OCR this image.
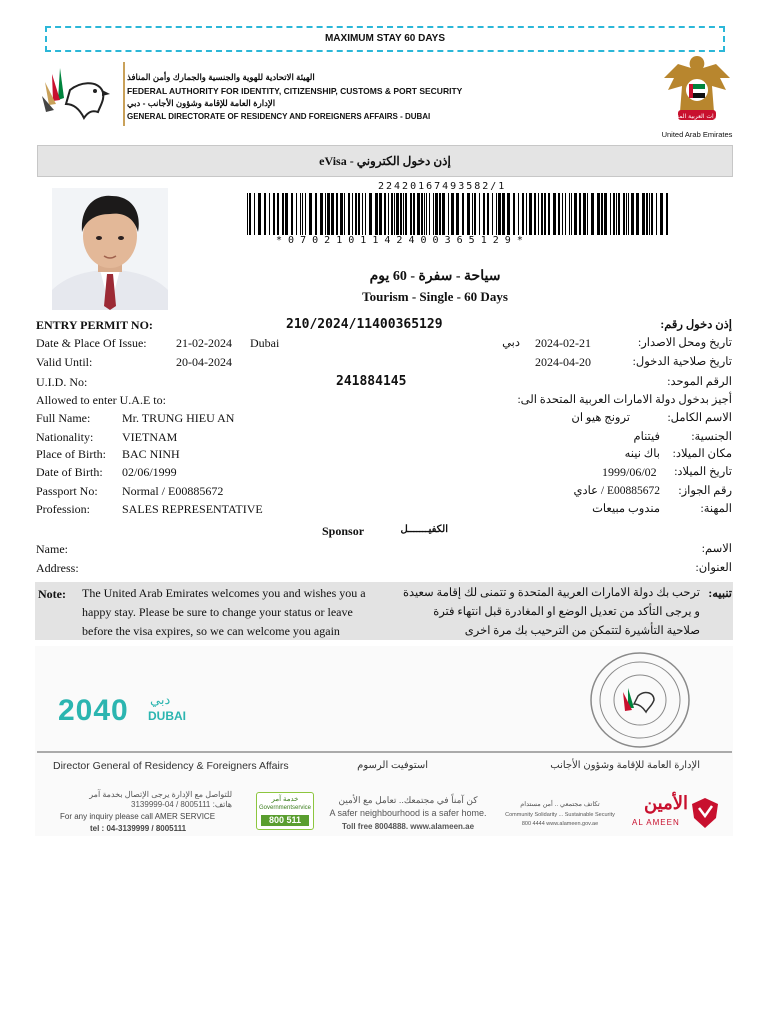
MAXIMUM STAY 60 DAYS
الهيئة الاتحادية للهوية والجنسية والجمارك وأمن المنافذ
FEDERAL AUTHORITY FOR IDENTITY, CITIZENSHIP, CUSTOMS & PORT SECURITY
الإدارة العامة للإقامة وشؤون الأجانب - دبي
GENERAL DIRECTORATE OF RESIDENCY AND FOREIGNERS AFFAIRS - DUBAI	الإمارات العربية المتحدة
United Arab Emirates
eVisa - إذن دخول الكتروني
22420167493582/1
* 0 7 0 2 1 0 1 1 4 2 4 0 0 3 6 5 1 2 9 *
سياحة - سفرة - 60 يوم
Tourism - Single - 60 Days
ENTRY PERMIT NO:	210/2024/11400365129	إذن دخول رقم:
Date & Place Of Issue: 21-02-2024 Dubai	دبي 2024-02-21	تاريخ ومحل الاصدار:
Valid Until:	20-04-2024	2024-04-20	تاريخ صلاحية الدخول:
U.I.D. No:	241884145	الرقم الموحد:
Allowed to enter U.A.E to:	أجيز بدخول دولة الامارات العربية المتحدة الى:
Full Name:	Mr. TRUNG HIEU AN	ترونج هيو ان	الاسم الكامل:
Nationality: VIETNAM	فيتنام	الجنسية:
Place of Birth: BAC NINH	باك نينه	مكان الميلاد:
Date of Birth: 02/06/1999	1999/06/02	تاريخ الميلاد:
Passport No: Normal / E00885672	E00885672 / عادي	رقم الجواز:
Profession:	SALES REPRESENTATIVE	مندوب مبيعات	المهنة:
Sponsor	الكفيـــــــل
Name:	الاسم:
Address:	العنوان:
Note: The United Arab Emirates welcomes you and wishes you a happy stay. Please be sure to change your status or leave before the visa expires, so we can welcome you again
تنبيه:
ترحب بك دولة الامارات العربية المتحدة و تتمنى لك إقامة سعيدة و يرجى التأكد من تعديل الوضع او المغادرة قبل انتهاء فترة صلاحية التأشيرة لتتمكن من الترحيب بك مرة اخرى
2040 دبي
DUBAI
Director General of Residency & Foreigners Affairs	استوفيت الرسوم	الإدارة العامة للإقامة وشؤون الأجانب
للتواصل مع الإدارة يرجى الإتصال بخدمة آمر
هاتف: 8005111 / 04-3139999
For any inquiry please call AMER SERVICE
tel : 04-3139999 / 8005111
خدمة آمر
Governmentservice
800 511
كن آمناً في مجتمعك.. تعامل مع الأمين
A safer neighbourhood is a safer home.
Toll free 8004888. www.alameen.ae
تكاتف مجتمعي .. أمن مستدام
Community Solidarity ... Sustainable Security
800 4444 www.alameen.gov.ae
الأمين
AL AMEEN
